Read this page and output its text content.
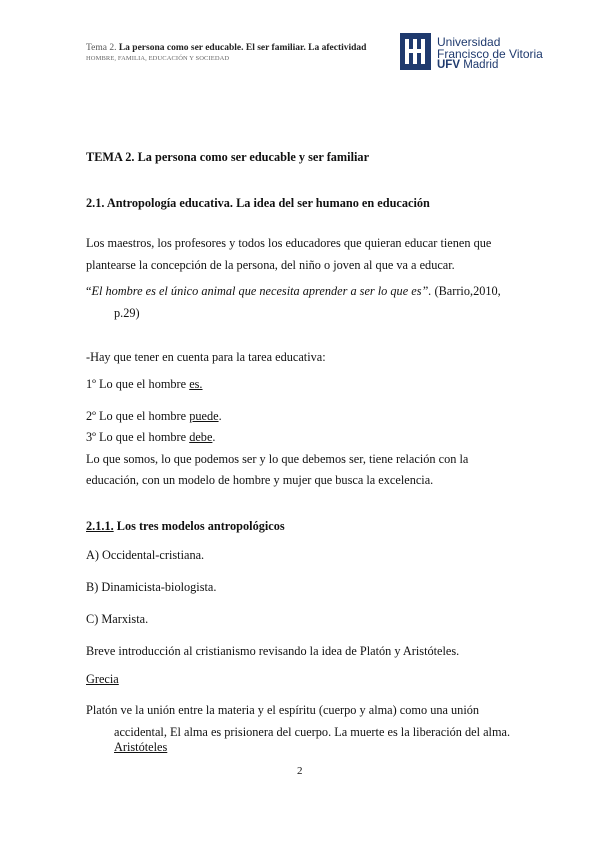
Tema 2. La persona como ser educable. El ser familiar. La afectividad
HOMBRE, FAMILIA, EDUCACIÓN Y SOCIEDAD
Universidad
Francisco de Vitoria
UFV Madrid
TEMA 2. La persona como ser educable y ser familiar
2.1. Antropología educativa. La idea del ser humano en educación
Los maestros, los profesores y todos los educadores que quieran educar tienen que
plantearse la concepción de la persona, del niño o joven al que va a educar.
“El hombre es el único animal que necesita aprender a ser lo que es”. (Barrio,2010,
p.29)
-Hay que tener en cuenta para la tarea educativa:
1º Lo que el hombre es.
2º Lo que el hombre puede.
3º Lo que el hombre debe.
Lo que somos, lo que podemos ser y lo que debemos ser, tiene relación con la
educación, con un modelo de hombre y mujer que busca la excelencia.
2.1.1. Los tres modelos antropológicos
A) Occidental-cristiana.
B) Dinamicista-biologista.
C) Marxista.
Breve introducción al cristianismo revisando la idea de Platón y Aristóteles.
Grecia
Platón ve la unión entre la materia y el espíritu (cuerpo y alma) como una unión
accidental, El alma es prisionera del cuerpo. La muerte es la liberación del alma.
Aristóteles
2
